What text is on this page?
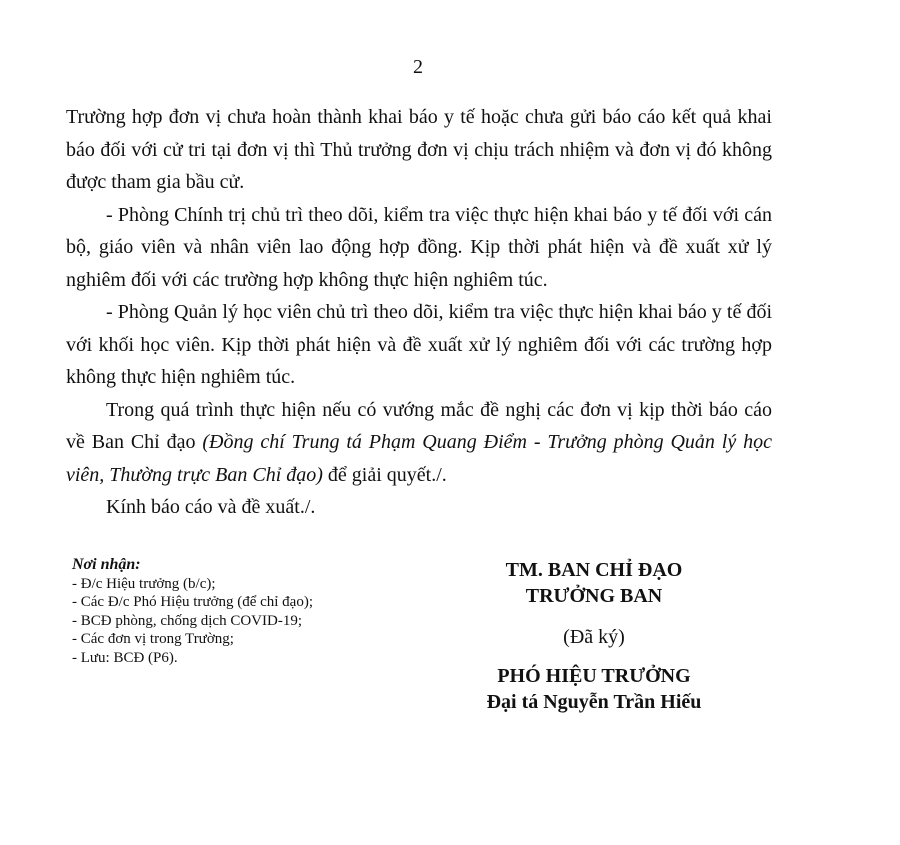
2

Trường hợp đơn vị chưa hoàn thành khai báo y tế hoặc chưa gửi báo cáo kết quả khai báo đối với cử tri tại đơn vị thì Thủ trưởng đơn vị chịu trách nhiệm và đơn vị đó không được tham gia bầu cử.

- Phòng Chính trị chủ trì theo dõi, kiểm tra việc thực hiện khai báo y tế đối với cán bộ, giáo viên và nhân viên lao động hợp đồng. Kịp thời phát hiện và đề xuất xử lý nghiêm đối với các trường hợp không thực hiện nghiêm túc.

- Phòng Quản lý học viên chủ trì theo dõi, kiểm tra việc thực hiện khai báo y tế đối với khối học viên. Kịp thời phát hiện và đề xuất xử lý nghiêm đối với các trường hợp không thực hiện nghiêm túc.

Trong quá trình thực hiện nếu có vướng mắc đề nghị các đơn vị kịp thời báo cáo về Ban Chỉ đạo (Đồng chí Trung tá Phạm Quang Điểm - Trưởng phòng Quản lý học viên, Thường trực Ban Chỉ đạo) để giải quyết./.

Kính báo cáo và đề xuất./.

Nơi nhận:
- Đ/c Hiệu trưởng (b/c);
- Các Đ/c Phó Hiệu trưởng (để chỉ đạo);
- BCĐ phòng, chống dịch COVID-19;
- Các đơn vị trong Trường;
- Lưu: BCĐ (P6).
TM. BAN CHỈ ĐẠO
TRƯỞNG BAN
(Đã ký)
PHÓ HIỆU TRƯỞNG
Đại tá Nguyễn Trần Hiếu
